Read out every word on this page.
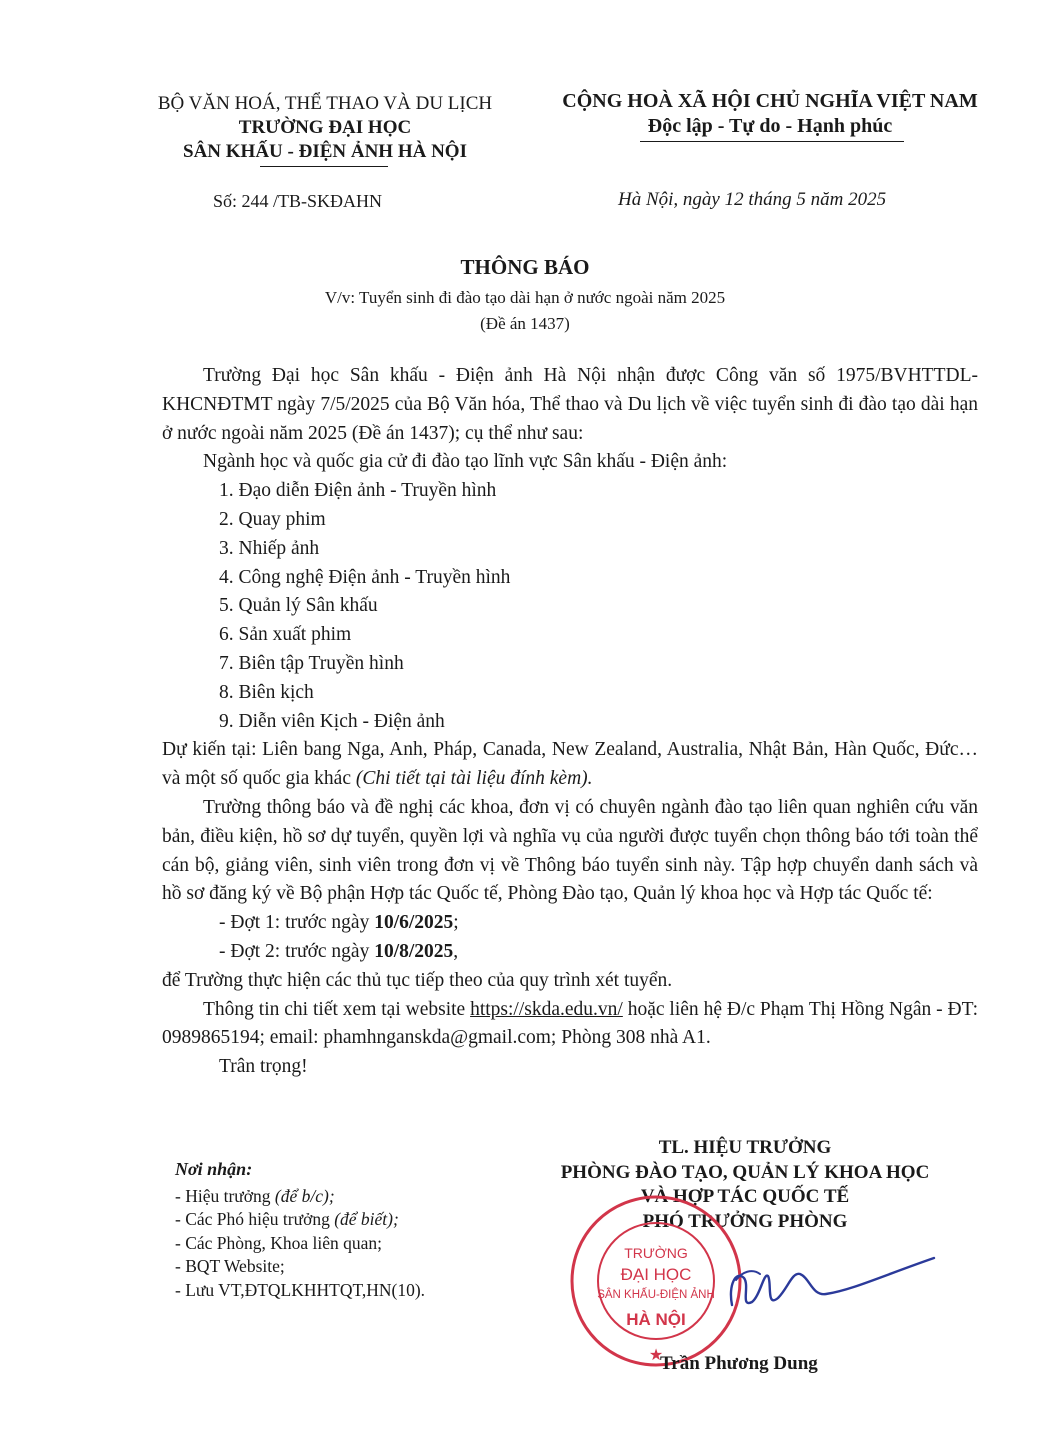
BỘ VĂN HOÁ, THỂ THAO VÀ DU LỊCH
TRƯỜNG ĐẠI HỌC
SÂN KHẤU - ĐIỆN ẢNH HÀ NỘI
CỘNG HOÀ XÃ HỘI CHỦ NGHĨA VIỆT NAM
Độc lập - Tự do - Hạnh phúc
Số: 244 /TB-SKĐAHN	Hà Nội, ngày 12 tháng 5 năm 2025
THÔNG BÁO
V/v: Tuyển sinh đi đào tạo dài hạn ở nước ngoài năm 2025
(Đề án 1437)

Trường Đại học Sân khấu - Điện ảnh Hà Nội nhận được Công văn số 1975/BVHTTDL-KHCNĐTMT ngày 7/5/2025 của Bộ Văn hóa, Thể thao và Du lịch về việc tuyển sinh đi đào tạo dài hạn ở nước ngoài năm 2025 (Đề án 1437); cụ thể như sau:

Ngành học và quốc gia cử đi đào tạo lĩnh vực Sân khấu - Điện ảnh:

1. Đạo diễn Điện ảnh - Truyền hình

2. Quay phim

3. Nhiếp ảnh

4. Công nghệ Điện ảnh - Truyền hình

5. Quản lý Sân khấu

6. Sản xuất phim

7. Biên tập Truyền hình

8. Biên kịch

9. Diễn viên Kịch - Điện ảnh

Dự kiến tại: Liên bang Nga, Anh, Pháp, Canada, New Zealand, Australia, Nhật Bản, Hàn Quốc, Đức…và một số quốc gia khác (Chi tiết tại tài liệu đính kèm).

Trường thông báo và đề nghị các khoa, đơn vị có chuyên ngành đào tạo liên quan nghiên cứu văn bản, điều kiện, hồ sơ dự tuyển, quyền lợi và nghĩa vụ của người được tuyển chọn thông báo tới toàn thể cán bộ, giảng viên, sinh viên trong đơn vị về Thông báo tuyển sinh này. Tập hợp chuyển danh sách và hồ sơ đăng ký về Bộ phận Hợp tác Quốc tế, Phòng Đào tạo, Quản lý khoa học và Hợp tác Quốc tế:

- Đợt 1: trước ngày 10/6/2025;

- Đợt 2: trước ngày 10/8/2025,

để Trường thực hiện các thủ tục tiếp theo của quy trình xét tuyển.

Thông tin chi tiết xem tại website https://skda.edu.vn/ hoặc liên hệ Đ/c Phạm Thị Hồng Ngân - ĐT: 0989865194; email: phamhnganskda@gmail.com; Phòng 308 nhà A1.

Trân trọng!

Nơi nhận:
- Hiệu trưởng (để b/c);
- Các Phó hiệu trưởng (để biết);
- Các Phòng, Khoa liên quan;
- BQT Website;
- Lưu VT,ĐTQLKHHTQT,HN(10).
TL. HIỆU TRƯỞNG
PHÒNG ĐÀO TẠO, QUẢN LÝ KHOA HỌC
VÀ HỢP TÁC QUỐC TẾ
PHÓ TRƯỞNG PHÒNG
★
TRƯỜNG
ĐẠI HỌC
SÂN KHẤU-ĐIỆN ẢNH
HÀ NỘI
Trần Phương Dung
